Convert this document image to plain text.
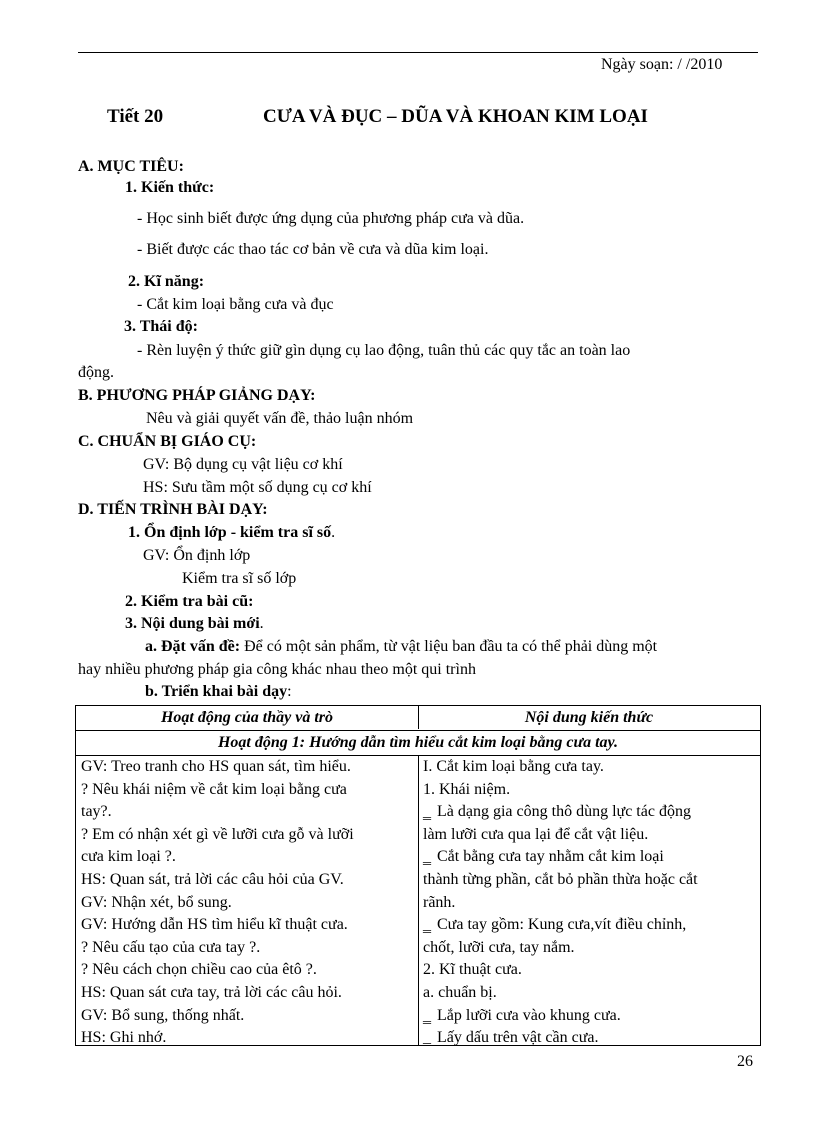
Ngày soạn: / /2010
Tiết 20	CƯA VÀ ĐỤC – DŨA VÀ KHOAN KIM LOẠI
A. MỤC TIÊU:
1. Kiến thức:
- Học sinh biết được ứng dụng của phương pháp cưa và dũa.
- Biết được các thao tác cơ bản về cưa và dũa kim loại.
2. Kĩ năng:
- Cắt kim loại bằng cưa và đục
3. Thái độ:
- Rèn luyện ý thức giữ gìn dụng cụ lao động, tuân thủ các quy tắc an toàn lao
động.
B. PHƯƠNG PHÁP GIẢNG DẠY:
Nêu và giải quyết vấn đề, thảo luận nhóm
C. CHUẨN BỊ GIÁO CỤ:
GV: Bộ dụng cụ vật liệu cơ khí
HS: Sưu tầm một số dụng cụ cơ khí
D. TIẾN TRÌNH BÀI DẠY:
1. Ổn định lớp - kiểm tra sĩ số.
GV: Ổn định lớp
Kiểm tra sĩ số lớp
2. Kiểm tra bài cũ:
3. Nội dung bài mới.
a. Đặt vấn đề: Để có một sản phẩm, từ vật liệu ban đầu ta có thể phải dùng một
hay nhiều phương pháp gia công khác nhau theo một qui trình
b. Triển khai bài dạy:
Hoạt động của thầy và trò	Nội dung kiến thức
Hoạt động 1: Hướng dẫn tìm hiểu cắt kim loại bằng cưa tay.
GV: Treo tranh cho HS quan sát, tìm hiểu.
? Nêu khái niệm về cắt kim loại bằng cưa
tay?.
? Em có nhận xét gì về lưỡi cưa gỗ và lưỡi
cưa kim loại ?.
HS: Quan sát, trả lời các câu hỏi của GV.
GV: Nhận xét, bổ sung.
GV: Hướng dẫn HS tìm hiểu kĩ thuật cưa.
? Nêu cấu tạo của cưa tay ?.
? Nêu cách chọn chiều cao của êtô ?.
HS: Quan sát cưa tay, trả lời các câu hỏi.
GV: Bổ sung, thống nhất.
HS: Ghi nhớ.
I. Cắt kim loại bằng cưa tay.
1. Khái niệm.
‗ Là dạng gia công thô dùng lực tác động
làm lưỡi cưa qua lại để cắt vật liệu.
‗ Cắt bằng cưa tay nhằm cắt kim loại
thành từng phần, cắt bỏ phần thừa hoặc cắt
rãnh.
‗ Cưa tay gồm: Kung cưa,vít điều chỉnh,
chốt, lưỡi cưa, tay nắm.
2. Kĩ thuật cưa.
a. chuẩn bị.
‗ Lắp lưỡi cưa vào khung cưa.
‗ Lấy dấu trên vật cần cưa.
26
